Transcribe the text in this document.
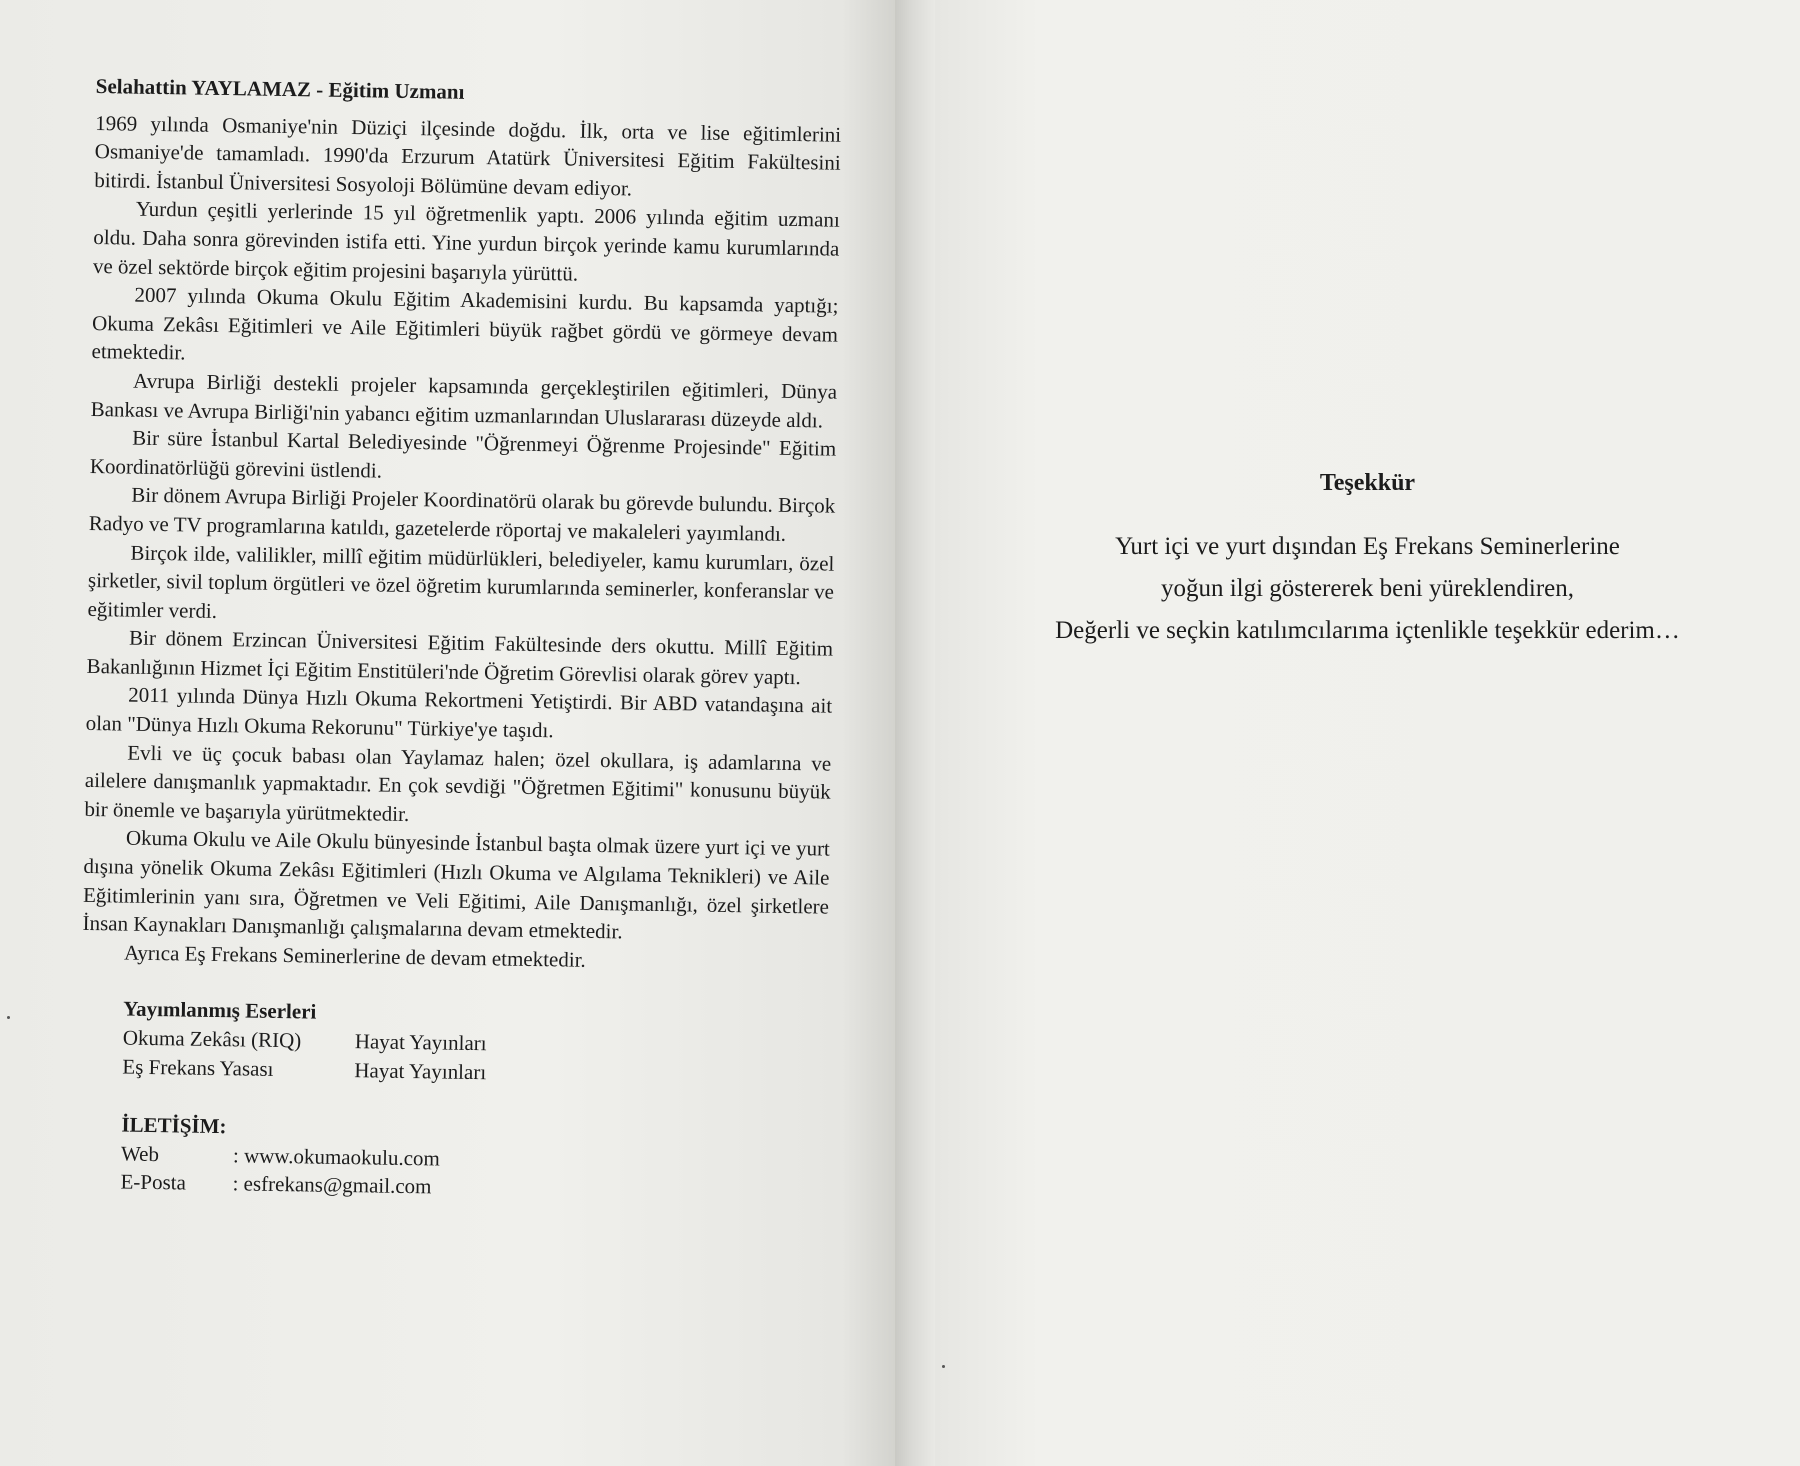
Selahattin YAYLAMAZ - Eğitim Uzmanı

1969 yılında Osmaniye'nin Düziçi ilçesinde doğdu. İlk, orta ve lise eğitimlerini Osmaniye'de tamamladı. 1990'da Erzurum Atatürk Üniversitesi Eğitim Fakültesini bitirdi. İstanbul Üniversitesi Sosyoloji Bölümüne devam ediyor.

Yurdun çeşitli yerlerinde 15 yıl öğretmenlik yaptı. 2006 yılında eğitim uzmanı oldu. Daha sonra görevinden istifa etti. Yine yurdun birçok yerinde kamu kurumlarında ve özel sektörde birçok eğitim projesini başarıyla yürüttü.

2007 yılında Okuma Okulu Eğitim Akademisini kurdu. Bu kapsamda yaptığı; Okuma Zekâsı Eğitimleri ve Aile Eğitimleri büyük rağbet gördü ve görmeye devam etmektedir.

Avrupa Birliği destekli projeler kapsamında gerçekleştirilen eğitimleri, Dünya Bankası ve Avrupa Birliği'nin yabancı eğitim uzmanlarından Uluslararası düzeyde aldı.

Bir süre İstanbul Kartal Belediyesinde "Öğrenmeyi Öğrenme Projesinde" Eğitim Koordinatörlüğü görevini üstlendi.

Bir dönem Avrupa Birliği Projeler Koordinatörü olarak bu görevde bulundu. Birçok Radyo ve TV programlarına katıldı, gazetelerde röportaj ve makaleleri yayımlandı.

Birçok ilde, valilikler, millî eğitim müdürlükleri, belediyeler, kamu kurumları, özel şirketler, sivil toplum örgütleri ve özel öğretim kurumlarında seminerler, konferanslar ve eğitimler verdi.

Bir dönem Erzincan Üniversitesi Eğitim Fakültesinde ders okuttu. Millî Eğitim Bakanlığının Hizmet İçi Eğitim Enstitüleri'nde Öğretim Görevlisi olarak görev yaptı.

2011 yılında Dünya Hızlı Okuma Rekortmeni Yetiştirdi. Bir ABD vatandaşına ait olan "Dünya Hızlı Okuma Rekorunu" Türkiye'ye taşıdı.

Evli ve üç çocuk babası olan Yaylamaz halen; özel okullara, iş adamlarına ve ailelere danışmanlık yapmaktadır. En çok sevdiği "Öğretmen Eğitimi" konusunu büyük bir önemle ve başarıyla yürütmektedir.

Okuma Okulu ve Aile Okulu bünyesinde İstanbul başta olmak üzere yurt içi ve yurt dışına yönelik Okuma Zekâsı Eğitimleri (Hızlı Okuma ve Algılama Teknikleri) ve Aile Eğitimlerinin yanı sıra, Öğretmen ve Veli Eğitimi, Aile Danışmanlığı, özel şirketlere İnsan Kaynakları Danışmanlığı çalışmalarına devam etmektedir.

Ayrıca Eş Frekans Seminerlerine de devam etmektedir.

Yayımlanmış Eserleri

Okuma Zekâsı (RIQ)	Hayat Yayınları
Eş Frekans Yasası	Hayat Yayınları

İLETİŞİM:

Web	: www.okumaokulu.com
E-Posta	: esfrekans@gmail.com
Teşekkür

Yurt içi ve yurt dışından Eş Frekans Seminerlerine

yoğun ilgi göstererek beni yüreklendiren,

Değerli ve seçkin katılımcılarıma içtenlikle teşekkür ederim…
